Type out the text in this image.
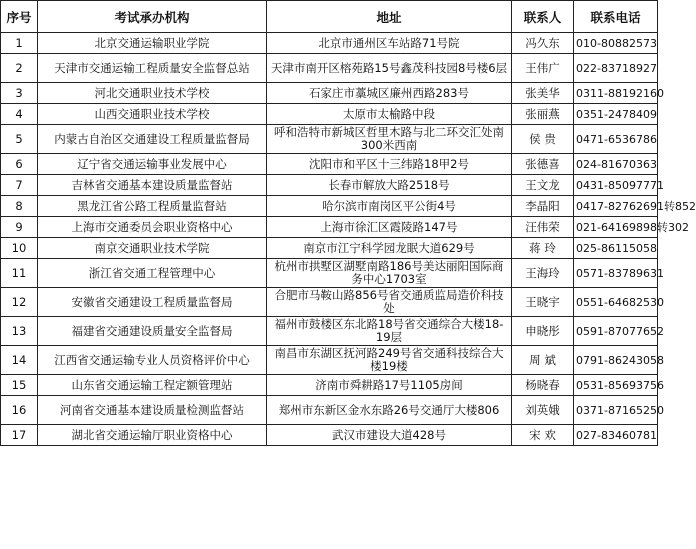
序号	考试承办机构	地址	联系人	联系电话
1	北京交通运输职业学院	北京市通州区车站路71号院	冯久东	010-80882573
2	天津市交通运输工程质量安全监督总站	天津市南开区榕苑路15号鑫茂科技园8号楼6层	王伟广	022-83718927
3	河北交通职业技术学校	石家庄市藁城区廉州西路283号	张美华	0311-88192160
4	山西交通职业技术学校	太原市太榆路中段	张丽燕	0351-2478409
5	内蒙古自治区交通建设工程质量监督局	呼和浩特市新城区哲里木路与北二环交汇处南300米西南	侯 贵	0471-6536786
6	辽宁省交通运输事业发展中心	沈阳市和平区十三纬路18甲2号	张德喜	024-81670363
7	吉林省交通基本建设质量监督站	长春市解放大路2518号	王文龙	0431-85097771
8	黑龙江省公路工程质量监督站	哈尔滨市南岗区平公街4号	李晶阳	0417-82762691转852
9	上海市交通委员会职业资格中心	上海市徐汇区霞陵路147号	汪伟荣	021-64169898转302
10	南京交通职业技术学院	南京市江宁科学园龙眠大道629号	蒋 玲	025-86115058
11	浙江省交通工程管理中心	杭州市拱墅区湖墅南路186号美达丽阳国际商务中心1703室	王海玲	0571-83789631
12	安徽省交通建设工程质量监督局	合肥市马鞍山路856号省交通质监局造价科技处	王晓宇	0551-64682530
13	福建省交通建设质量安全监督局	福州市鼓楼区东北路18号省交通综合大楼18-19层	申晓彤	0591-87077652
14	江西省交通运输专业人员资格评价中心	南昌市东湖区抚河路249号省交通科技综合大楼19楼	周 斌	0791-86243058
15	山东省交通运输工程定额管理站	济南市舜耕路17号1105房间	杨晓春	0531-85693756
16	河南省交通基本建设质量检测监督站	郑州市东新区金水东路26号交通厅大楼806	刘英娥	0371-87165250
17	湖北省交通运输厅职业资格中心	武汉市建设大道428号	宋 欢	027-83460781
